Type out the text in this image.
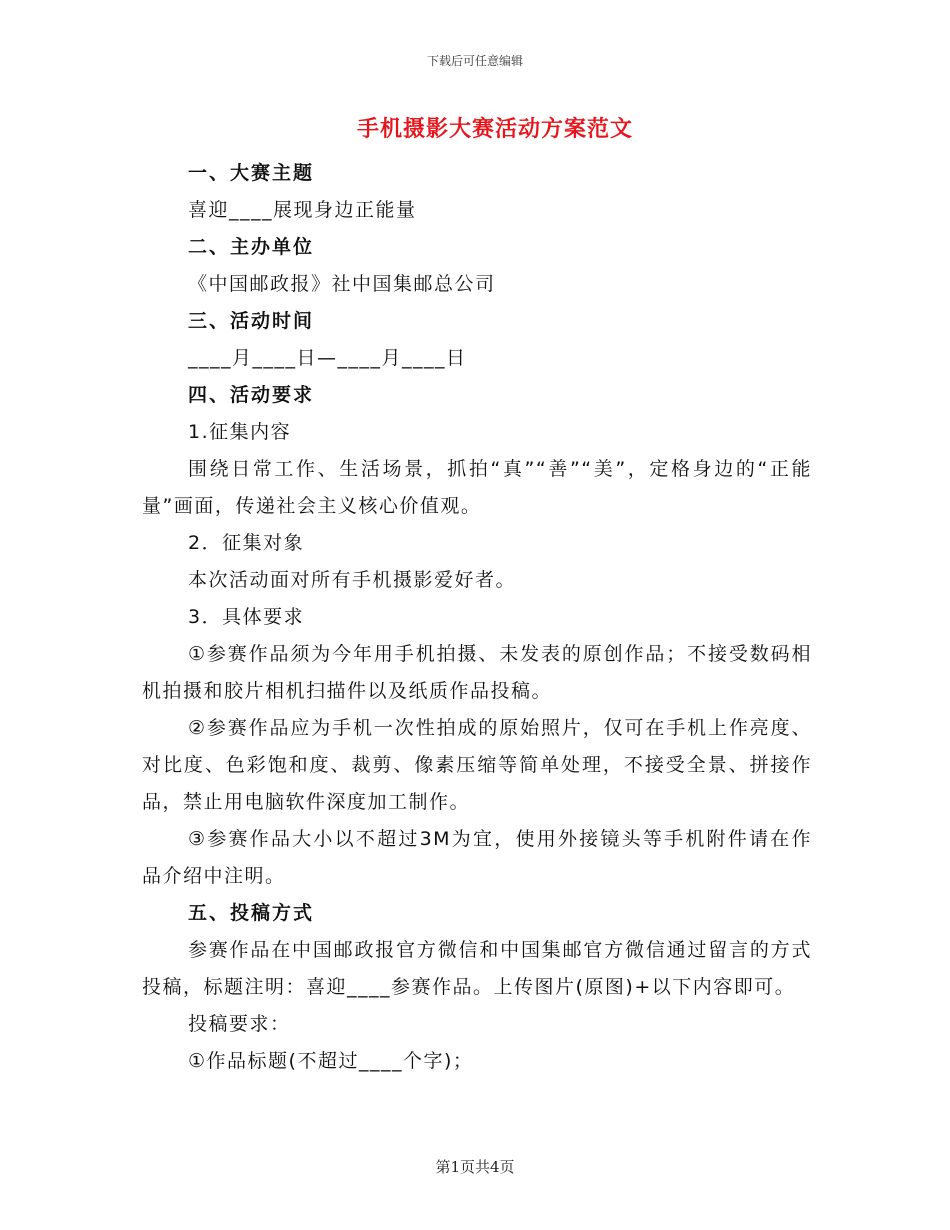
下载后可任意编辑
手机摄影大赛活动方案范文

一、大赛主题

喜迎____展现身边正能量

二、主办单位

《中国邮政报》社中国集邮总公司

三、活动时间

____月____日—____月____日

四、活动要求

1.征集内容

围绕日常工作、生活场景，抓拍“真”“善”“美”，定格身边的“正能量”画面，传递社会主义核心价值观。

2．征集对象

本次活动面对所有手机摄影爱好者。

3．具体要求

①参赛作品须为今年用手机拍摄、未发表的原创作品；不接受数码相机拍摄和胶片相机扫描件以及纸质作品投稿。

②参赛作品应为手机一次性拍成的原始照片，仅可在手机上作亮度、对比度、色彩饱和度、裁剪、像素压缩等简单处理，不接受全景、拼接作品，禁止用电脑软件深度加工制作。

③参赛作品大小以不超过3M为宜，使用外接镜头等手机附件请在作品介绍中注明。

五、投稿方式

参赛作品在中国邮政报官方微信和中国集邮官方微信通过留言的方式投稿，标题注明：喜迎____参赛作品。上传图片(原图)+以下内容即可。

投稿要求：

①作品标题(不超过____个字)；

第1页共4页
